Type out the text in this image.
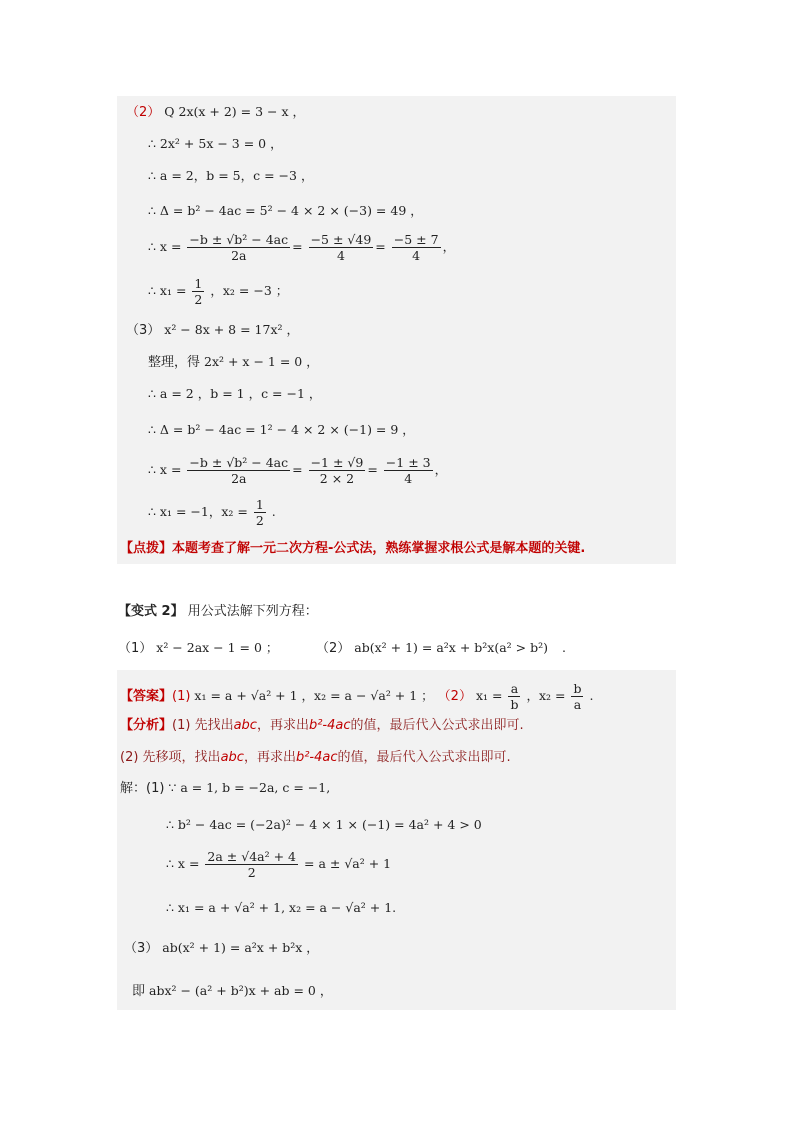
（2） Q 2x(x + 2) = 3 − x ，
∴ 2x² + 5x − 3 = 0 ，
∴ a = 2，b = 5，c = −3 ，
∴ Δ = b² − 4ac = 5² − 4 × 2 × (−3) = 49 ，
∴ $x = \frac{\text{−b ± √b² − 4ac}}{2a} = \frac{-5 \pm √49}{4} = \frac{-5 \pm 7}{4}$ ，
∴ $x_1 = \frac{1}{2}$ ，x₂ = −3 ；
（3） x² − 8x + 8 = 17x² ，
整理，得 2x² + x − 1 = 0 ，
∴ a = 2 ，b = 1 ，c = −1 ，
∴ Δ = b² − 4ac = 1² − 4 × 2 × (−1) = 9 ，
∴ $x = \frac{\text{−b ± √b² − 4ac}}{2a} = \frac{-1 \pm √9}{2 \times 2} = \frac{-1 \pm 3}{4}$ ，
∴ x₁ = −1，$x_2 = \frac{1}{2}$ .
【点拨】本题考查了解一元二次方程-公式法，熟练掌握求根公式是解本题的关键.
【变式 2】 用公式法解下列方程：
（1） x² − 2ax − 1 = 0 ；	（2） ab(x² + 1) = a²x + b²x(a² > b²) .
【答案】(1) x₁ = a + √a² + 1 ，x₂ = a − √a² + 1 ； （2） $x_1 = \frac{a}{b}$ ，$x_2 = \frac{b}{a}$ .
【分析】(1) 先找出abc，再求出b²-4ac的值，最后代入公式求出即可.
(2) 先移项，找出abc，再求出b²-4ac的值，最后代入公式求出即可.
解：(1) ∵ a = 1, b = −2a, c = −1,
∴ b² − 4ac = (−2a)² − 4 × 1 × (−1) = 4a² + 4 > 0
∴ $x = \frac{\text{2a ± √4a² + 4}}{2} = a \pm √a^2 + 1$
∴ x₁ = a + √a² + 1, x₂ = a − √a² + 1.
（3） ab(x² + 1) = a²x + b²x ，
即 abx² − (a² + b²)x + ab = 0 ，
